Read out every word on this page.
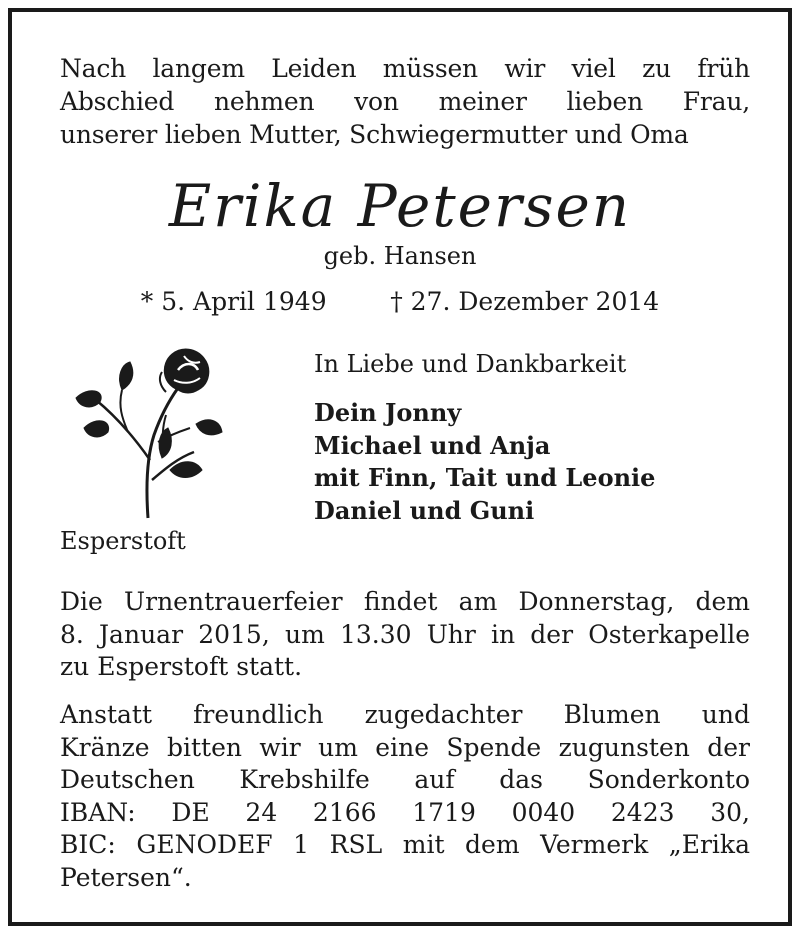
Nach langem Leiden müssen wir viel zu früh
Abschied nehmen von meiner lieben Frau,
unserer lieben Mutter, Schwiegermutter und Oma
Erika Petersen
geb. Hansen
* 5. April 1949	† 27. Dezember 2014
In Liebe und Dankbarkeit
Dein Jonny
Michael und Anja
mit Finn, Tait und Leonie
Daniel und Guni
Esperstoft
Die Urnentrauerfeier findet am Donnerstag, dem
8. Januar 2015, um 13.30 Uhr in der Osterkapelle
zu Esperstoft statt.
Anstatt freundlich zugedachter Blumen und
Kränze bitten wir um eine Spende zugunsten der
Deutschen Krebshilfe auf das Sonderkonto
IBAN: DE 24 2166 1719 0040 2423 30,
BIC: GENODEF 1 RSL mit dem Vermerk „Erika
Petersen“.
